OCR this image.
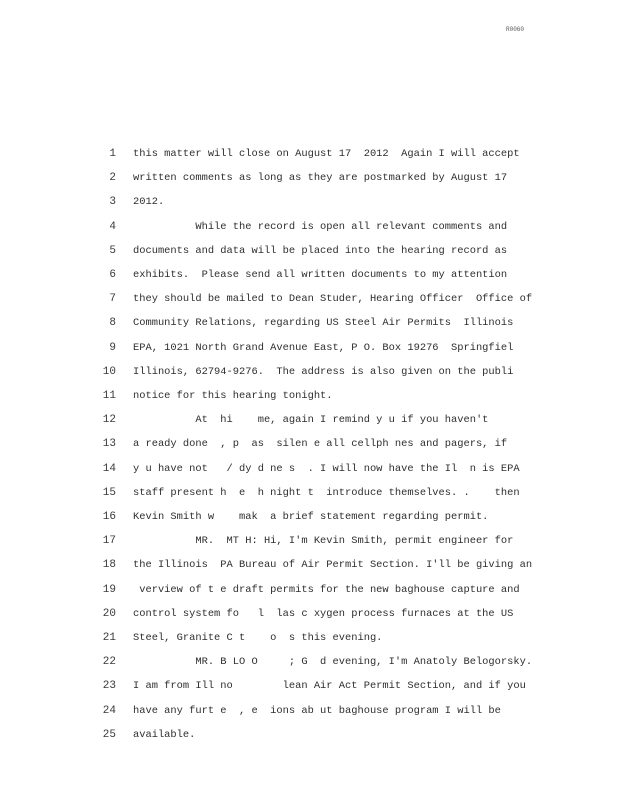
R0060
1 this matter will close on August 17  2012  Again I will accept
2 written comments as long as they are postmarked by August 17
3 2012.
4 While the record is open all relevant comments and
5 documents and data will be placed into the hearing record as
6 exhibits.  Please send all written documents to my attention
7 they should be mailed to Dean Studer, Hearing Officer  Office of
8 Community Relations, regarding US Steel Air Permits  Illinois
9 EPA, 1021 North Grand Avenue East, P O. Box 19276  Springfiel
10 Illinois, 62794-9276.  The address is also given on the publi
11 notice for this hearing tonight.
12 At  hi    me, again I remind y u if you haven't
13 a ready done  , p  as  silen e all cellph nes and pagers, if
14 y u have not   / dy d ne s  . I will now have the Il  n is EPA
15 staff present h  e  h night t  introduce themselves. .    then
16 Kevin Smith w    mak  a brief statement regarding permit.
17 MR.  MT H: Hi, I'm Kevin Smith, permit engineer for
18 the Illinois  PA Bureau of Air Permit Section. I'll be giving an
19 verview of t e draft permits for the new baghouse capture and
20 control system fo   l  las c xygen process furnaces at the US
21 Steel, Granite C t    o  s this evening.
22 MR. B LO O     ; G  d evening, I'm Anatoly Belogorsky.
23 I am from Ill no        lean Air Act Permit Section, and if you
24 have any furt e  , e  ions ab ut baghouse program I will be
25 available.
